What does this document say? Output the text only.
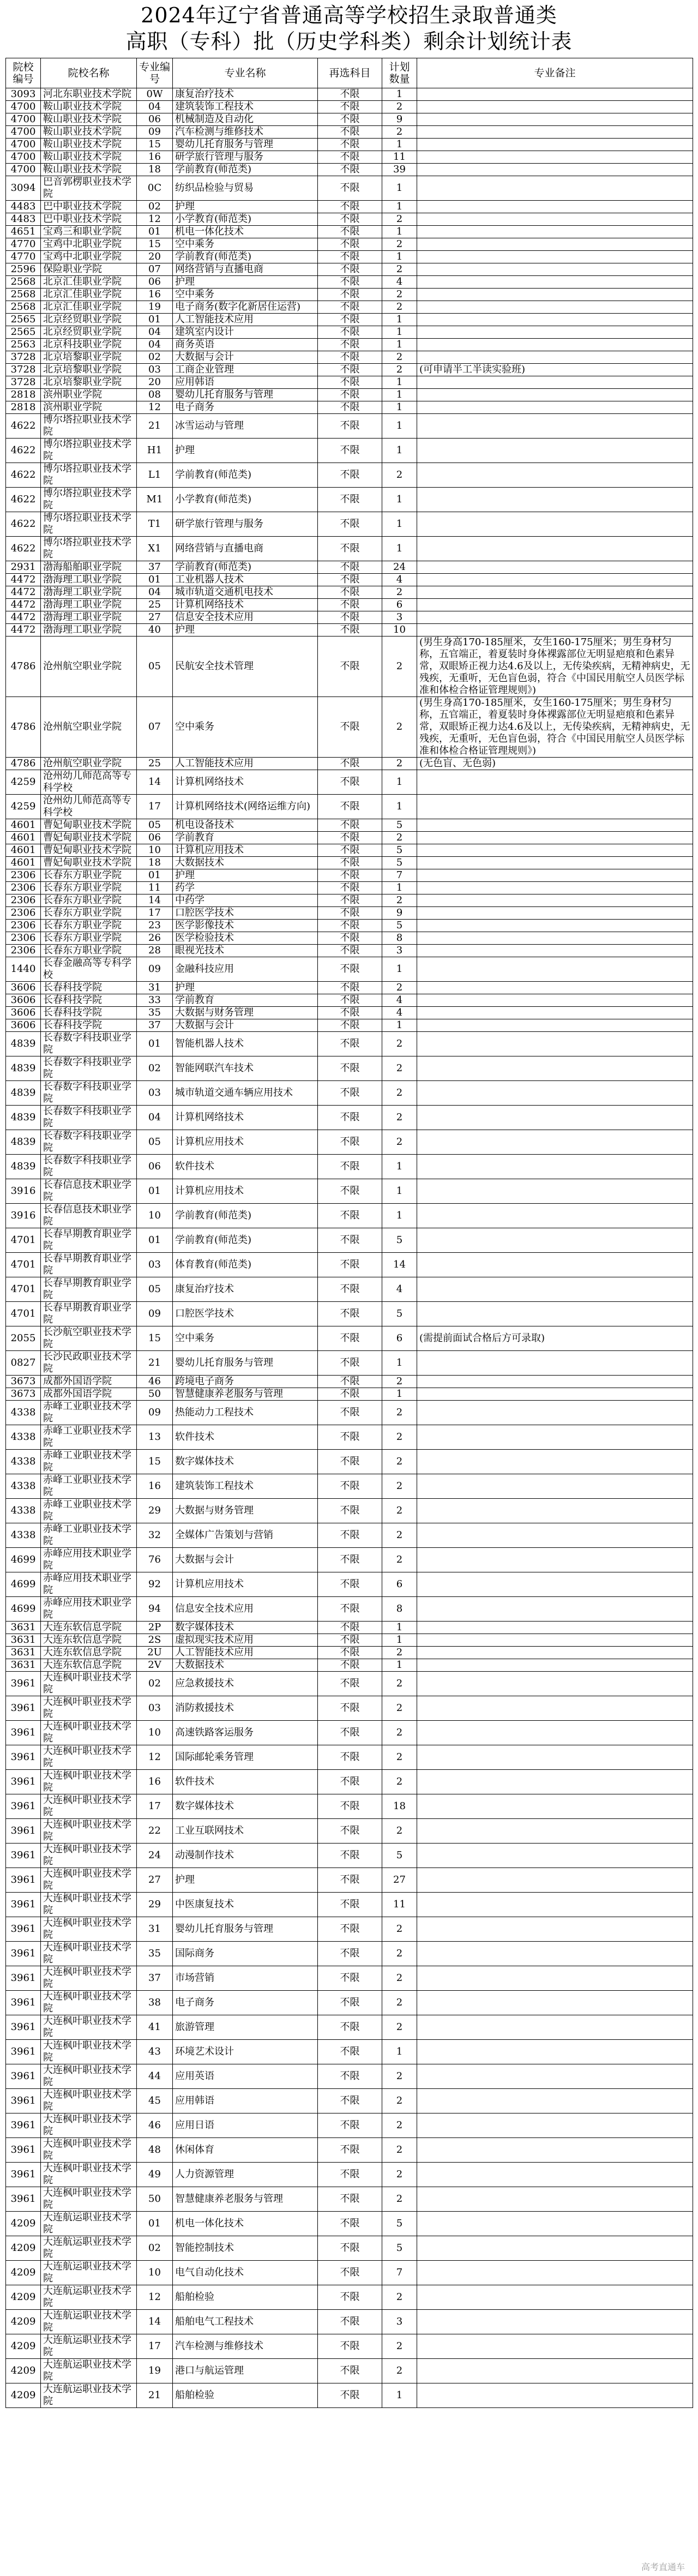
2024年辽宁省普通高等学校招生录取普通类
高职（专科）批（历史学科类）剩余计划统计表
院校编号	院校名称	专业编号	专业名称	再选科目	计划数量	专业备注
3093	河北东职业技术学院	0W	康复治疗技术	不限	1	
4700	鞍山职业技术学院	04	建筑装饰工程技术	不限	2	
4700	鞍山职业技术学院	06	机械制造及自动化	不限	9	
4700	鞍山职业技术学院	09	汽车检测与维修技术	不限	2	
4700	鞍山职业技术学院	15	婴幼儿托育服务与管理	不限	1	
4700	鞍山职业技术学院	16	研学旅行管理与服务	不限	11	
4700	鞍山职业技术学院	18	学前教育(师范类)	不限	39	
3094	巴音郭楞职业技术学院	0C	纺织品检验与贸易	不限	1	
4483	巴中职业技术学院	02	护理	不限	1	
4483	巴中职业技术学院	12	小学教育(师范类)	不限	2	
4651	宝鸡三和职业学院	01	机电一体化技术	不限	1	
4770	宝鸡中北职业学院	15	空中乘务	不限	2	
4770	宝鸡中北职业学院	20	学前教育(师范类)	不限	1	
2596	保险职业学院	07	网络营销与直播电商	不限	2	
2568	北京汇佳职业学院	06	护理	不限	4	
2568	北京汇佳职业学院	16	空中乘务	不限	2	
2568	北京汇佳职业学院	19	电子商务(数字化新居住运营)	不限	2	
2565	北京经贸职业学院	01	人工智能技术应用	不限	1	
2565	北京经贸职业学院	04	建筑室内设计	不限	1	
2563	北京科技职业学院	04	商务英语	不限	1	
3728	北京培黎职业学院	02	大数据与会计	不限	2	
3728	北京培黎职业学院	03	工商企业管理	不限	2	(可申请半工半读实验班)
3728	北京培黎职业学院	20	应用韩语	不限	1	
2818	滨州职业学院	08	婴幼儿托育服务与管理	不限	1	
2818	滨州职业学院	12	电子商务	不限	1	
4622	博尔塔拉职业技术学院	21	冰雪运动与管理	不限	1	
4622	博尔塔拉职业技术学院	H1	护理	不限	1	
4622	博尔塔拉职业技术学院	L1	学前教育(师范类)	不限	2	
4622	博尔塔拉职业技术学院	M1	小学教育(师范类)	不限	1	
4622	博尔塔拉职业技术学院	T1	研学旅行管理与服务	不限	1	
4622	博尔塔拉职业技术学院	X1	网络营销与直播电商	不限	1	
2931	渤海船舶职业学院	37	学前教育(师范类)	不限	24	
4472	渤海理工职业学院	01	工业机器人技术	不限	4	
4472	渤海理工职业学院	04	城市轨道交通机电技术	不限	2	
4472	渤海理工职业学院	25	计算机网络技术	不限	6	
4472	渤海理工职业学院	27	信息安全技术应用	不限	3	
4472	渤海理工职业学院	40	护理	不限	10	
4786	沧州航空职业学院	05	民航安全技术管理	不限	2	(男生身高170-185厘米，女生160-175厘米；男生身材匀称，五官端正，着夏装时身体裸露部位无明显疤痕和色素异常，双眼矫正视力达4.6及以上，无传染疾病，无精神病史，无残疾，无重听，无色盲色弱，符合《中国民用航空人员医学标准和体检合格证管理规则》)
4786	沧州航空职业学院	07	空中乘务	不限	2	(男生身高170-185厘米，女生160-175厘米；男生身材匀称，五官端正，着夏装时身体裸露部位无明显疤痕和色素异常，双眼矫正视力达4.6及以上，无传染疾病，无精神病史，无残疾，无重听，无色盲色弱，符合《中国民用航空人员医学标准和体检合格证管理规则》)
4786	沧州航空职业学院	25	人工智能技术应用	不限	2	(无色盲、无色弱)
4259	沧州幼儿师范高等专科学校	14	计算机网络技术	不限	1	
4259	沧州幼儿师范高等专科学校	17	计算机网络技术(网络运维方向)	不限	1	
4601	曹妃甸职业技术学院	05	机电设备技术	不限	5	
4601	曹妃甸职业技术学院	06	学前教育	不限	2	
4601	曹妃甸职业技术学院	10	计算机应用技术	不限	5	
4601	曹妃甸职业技术学院	18	大数据技术	不限	5	
2306	长春东方职业学院	01	护理	不限	7	
2306	长春东方职业学院	11	药学	不限	1	
2306	长春东方职业学院	14	中药学	不限	2	
2306	长春东方职业学院	17	口腔医学技术	不限	9	
2306	长春东方职业学院	23	医学影像技术	不限	5	
2306	长春东方职业学院	26	医学检验技术	不限	8	
2306	长春东方职业学院	28	眼视光技术	不限	3	
1440	长春金融高等专科学校	09	金融科技应用	不限	1	
3606	长春科技学院	31	护理	不限	2	
3606	长春科技学院	33	学前教育	不限	4	
3606	长春科技学院	35	大数据与财务管理	不限	4	
3606	长春科技学院	37	大数据与会计	不限	1	
4839	长春数字科技职业学院	01	智能机器人技术	不限	2	
4839	长春数字科技职业学院	02	智能网联汽车技术	不限	2	
4839	长春数字科技职业学院	03	城市轨道交通车辆应用技术	不限	2	
4839	长春数字科技职业学院	04	计算机网络技术	不限	2	
4839	长春数字科技职业学院	05	计算机应用技术	不限	2	
4839	长春数字科技职业学院	06	软件技术	不限	1	
3916	长春信息技术职业学院	01	计算机应用技术	不限	1	
3916	长春信息技术职业学院	10	学前教育(师范类)	不限	1	
4701	长春早期教育职业学院	01	学前教育(师范类)	不限	5	
4701	长春早期教育职业学院	03	体育教育(师范类)	不限	14	
4701	长春早期教育职业学院	05	康复治疗技术	不限	4	
4701	长春早期教育职业学院	09	口腔医学技术	不限	5	
2055	长沙航空职业技术学院	15	空中乘务	不限	6	(需提前面试合格后方可录取)
0827	长沙民政职业技术学院	21	婴幼儿托育服务与管理	不限	1	
3673	成都外国语学院	46	跨境电子商务	不限	2	
3673	成都外国语学院	50	智慧健康养老服务与管理	不限	1	
4338	赤峰工业职业技术学院	09	热能动力工程技术	不限	2	
4338	赤峰工业职业技术学院	13	软件技术	不限	2	
4338	赤峰工业职业技术学院	15	数字媒体技术	不限	2	
4338	赤峰工业职业技术学院	16	建筑装饰工程技术	不限	2	
4338	赤峰工业职业技术学院	29	大数据与财务管理	不限	2	
4338	赤峰工业职业技术学院	32	全媒体广告策划与营销	不限	2	
4699	赤峰应用技术职业学院	76	大数据与会计	不限	2	
4699	赤峰应用技术职业学院	92	计算机应用技术	不限	6	
4699	赤峰应用技术职业学院	94	信息安全技术应用	不限	8	
3631	大连东软信息学院	2P	数字媒体技术	不限	1	
3631	大连东软信息学院	2S	虚拟现实技术应用	不限	1	
3631	大连东软信息学院	2U	人工智能技术应用	不限	2	
3631	大连东软信息学院	2V	大数据技术	不限	1	
3961	大连枫叶职业技术学院	02	应急救援技术	不限	2	
3961	大连枫叶职业技术学院	03	消防救援技术	不限	2	
3961	大连枫叶职业技术学院	10	高速铁路客运服务	不限	2	
3961	大连枫叶职业技术学院	12	国际邮轮乘务管理	不限	2	
3961	大连枫叶职业技术学院	16	软件技术	不限	2	
3961	大连枫叶职业技术学院	17	数字媒体技术	不限	18	
3961	大连枫叶职业技术学院	22	工业互联网技术	不限	2	
3961	大连枫叶职业技术学院	24	动漫制作技术	不限	5	
3961	大连枫叶职业技术学院	27	护理	不限	27	
3961	大连枫叶职业技术学院	29	中医康复技术	不限	11	
3961	大连枫叶职业技术学院	31	婴幼儿托育服务与管理	不限	2	
3961	大连枫叶职业技术学院	35	国际商务	不限	2	
3961	大连枫叶职业技术学院	37	市场营销	不限	2	
3961	大连枫叶职业技术学院	38	电子商务	不限	2	
3961	大连枫叶职业技术学院	41	旅游管理	不限	2	
3961	大连枫叶职业技术学院	43	环境艺术设计	不限	1	
3961	大连枫叶职业技术学院	44	应用英语	不限	2	
3961	大连枫叶职业技术学院	45	应用韩语	不限	2	
3961	大连枫叶职业技术学院	46	应用日语	不限	2	
3961	大连枫叶职业技术学院	48	休闲体育	不限	2	
3961	大连枫叶职业技术学院	49	人力资源管理	不限	2	
3961	大连枫叶职业技术学院	50	智慧健康养老服务与管理	不限	2	
4209	大连航运职业技术学院	01	机电一体化技术	不限	5	
4209	大连航运职业技术学院	02	智能控制技术	不限	5	
4209	大连航运职业技术学院	10	电气自动化技术	不限	7	
4209	大连航运职业技术学院	12	船舶检验	不限	2	
4209	大连航运职业技术学院	14	船舶电气工程技术	不限	3	
4209	大连航运职业技术学院	17	汽车检测与维修技术	不限	2	
4209	大连航运职业技术学院	19	港口与航运管理	不限	2	
4209	大连航运职业技术学院	21	船舶检验	不限	1	
高考直通车
